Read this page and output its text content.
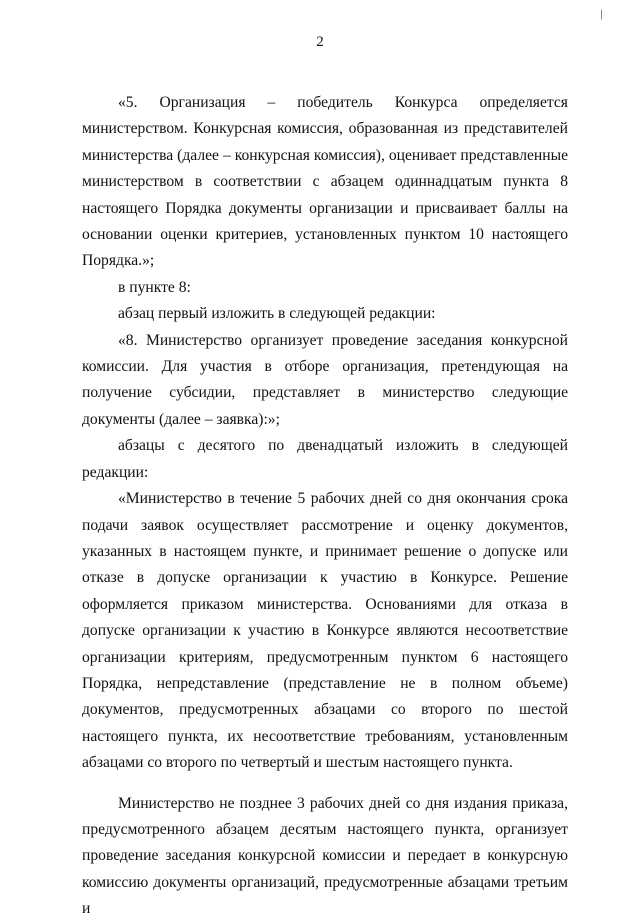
/
2

«5. Организация – победитель Конкурса определяется министерством. Конкурсная комиссия, образованная из представителей министерства (далее – конкурсная комиссия), оценивает представленные министерством в соответствии с абзацем одиннадцатым пункта 8 настоящего Порядка документы организации и присваивает баллы на основании оценки критериев, установленных пунктом 10 настоящего Порядка.»;

в пункте 8:

абзац первый изложить в следующей редакции:

«8. Министерство организует проведение заседания конкурсной комиссии. Для участия в отборе организация, претендующая на получение субсидии, представляет в министерство следующие документы (далее – заявка):»;

абзацы с десятого по двенадцатый изложить в следующей редакции:

«Министерство в течение 5 рабочих дней со дня окончания срока подачи заявок осуществляет рассмотрение и оценку документов, указанных в настоящем пункте, и принимает решение о допуске или отказе в допуске организации к участию в Конкурсе. Решение оформляется приказом министерства. Основаниями для отказа в допуске организации к участию в Конкурсе являются несоответствие организации критериям, предусмотренным пунктом 6 настоящего Порядка, непредставление (представление не в полном объеме) документов, предусмотренных абзацами со второго по шестой настоящего пункта, их несоответствие требованиям, установленным абзацами со второго по четвертый и шестым настоящего пункта.

Министерство не позднее 3 рабочих дней со дня издания приказа, предусмотренного абзацем десятым настоящего пункта, организует проведение заседания конкурсной комиссии и передает в конкурсную комиссию документы организаций, предусмотренные абзацами третьим и
